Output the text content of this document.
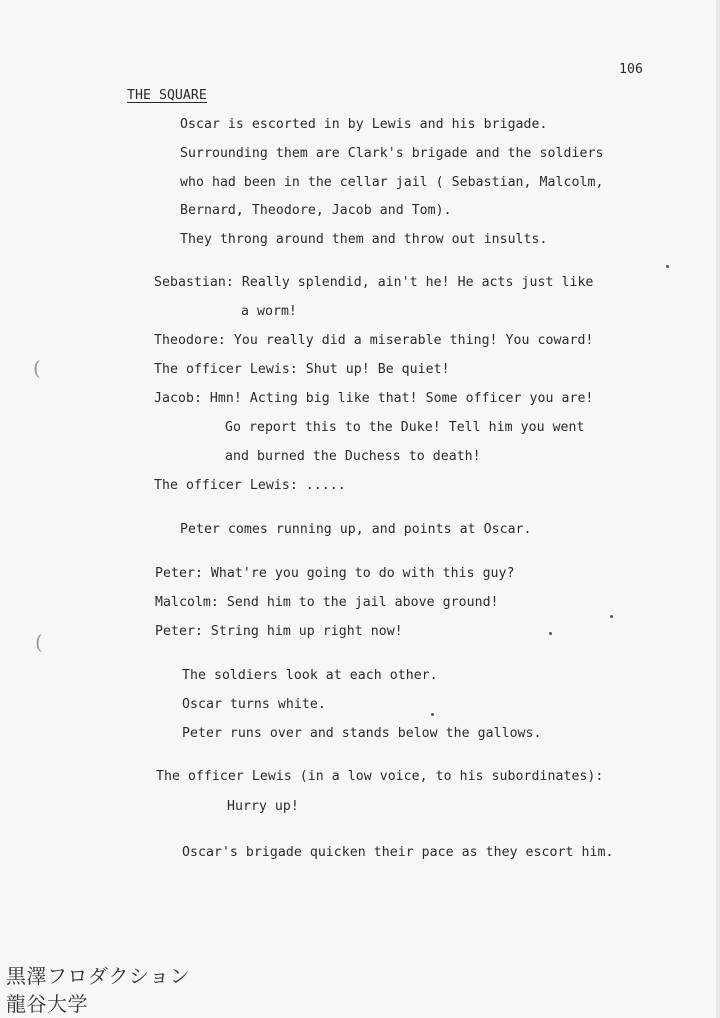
106
THE SQUARE
Oscar is escorted in by Lewis and his brigade.
Surrounding them are Clark's brigade and the soldiers
who had been in the cellar jail ( Sebastian, Malcolm,
Bernard, Theodore, Jacob and Tom).
They throng around them and throw out insults.
Sebastian: Really splendid, ain't he! He acts just like
a worm!
Theodore: You really did a miserable thing! You coward!
The officer Lewis: Shut up! Be quiet!
Jacob: Hmn! Acting big like that! Some officer you are!
Go report this to the Duke! Tell him you went
and burned the Duchess to death!
The officer Lewis: .....
Peter comes running up, and points at Oscar.
Peter: What're you going to do with this guy?
Malcolm: Send him to the jail above ground!
Peter: String him up right now!
The soldiers look at each other.
Oscar turns white.
Peter runs over and stands below the gallows.
The officer Lewis (in a low voice, to his subordinates):
Hurry up!
Oscar's brigade quicken their pace as they escort him.
(
(
黒澤フロダクション
龍谷大学
